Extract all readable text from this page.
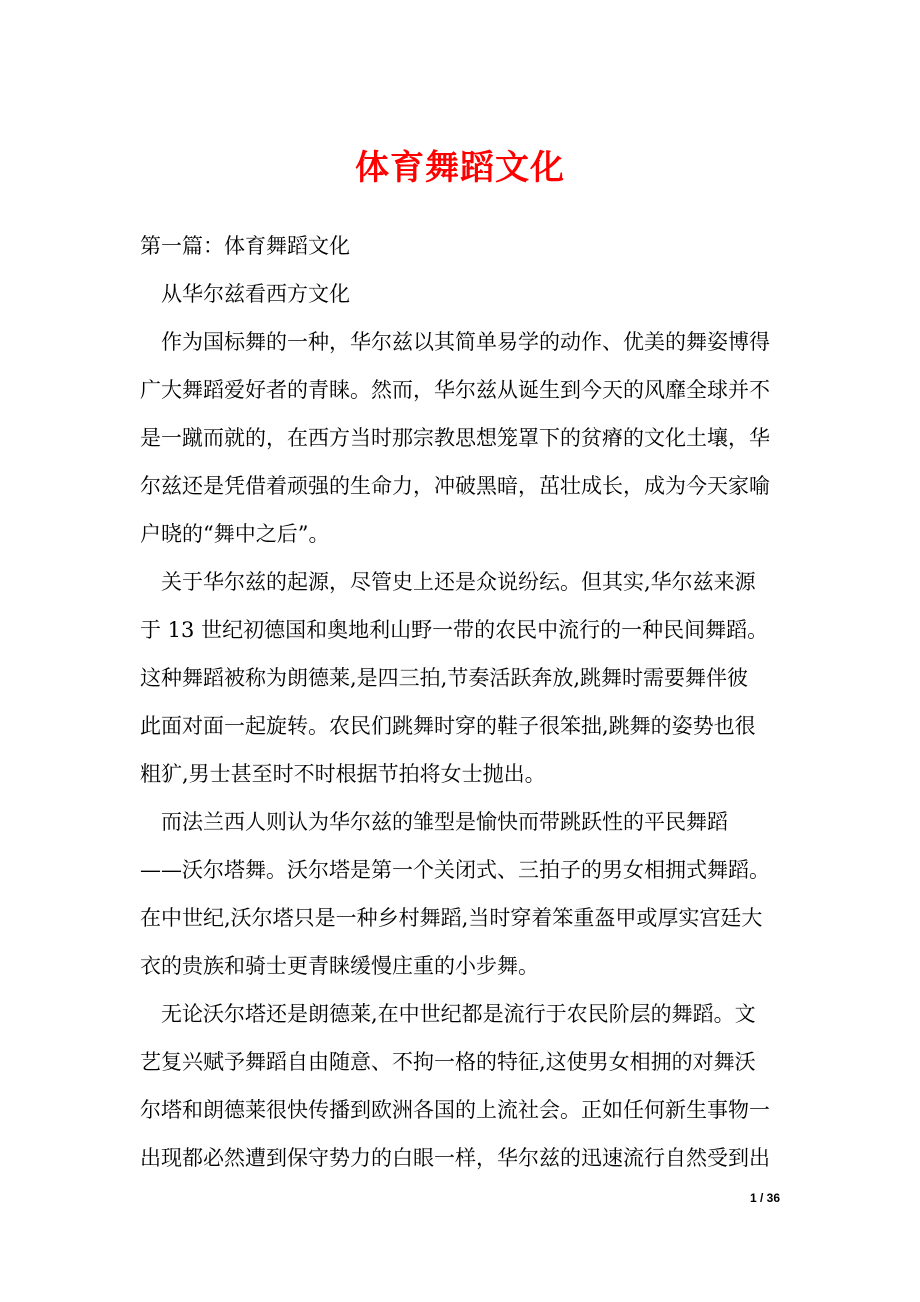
体育舞蹈文化
第一篇：体育舞蹈文化
从华尔兹看西方文化
作为国标舞的一种，华尔兹以其简单易学的动作、优美的舞姿博得
广大舞蹈爱好者的青睐。然而，华尔兹从诞生到今天的风靡全球并不
是一蹴而就的，在西方当时那宗教思想笼罩下的贫瘠的文化土壤，华
尔兹还是凭借着顽强的生命力，冲破黑暗，茁壮成长，成为今天家喻
户晓的“舞中之后”。
关于华尔兹的起源，尽管史上还是众说纷纭。但其实,华尔兹来源
于 13 世纪初德国和奥地利山野一带的农民中流行的一种民间舞蹈。
这种舞蹈被称为朗德莱,是四三拍,节奏活跃奔放,跳舞时需要舞伴彼
此面对面一起旋转。农民们跳舞时穿的鞋子很笨拙,跳舞的姿势也很
粗犷,男士甚至时不时根据节拍将女士抛出。
而法兰西人则认为华尔兹的雏型是愉快而带跳跃性的平民舞蹈
——沃尔塔舞。沃尔塔是第一个关闭式、三拍子的男女相拥式舞蹈。
在中世纪,沃尔塔只是一种乡村舞蹈,当时穿着笨重盔甲或厚实宫廷大
衣的贵族和骑士更青睐缓慢庄重的小步舞。
无论沃尔塔还是朗德莱,在中世纪都是流行于农民阶层的舞蹈。文
艺复兴赋予舞蹈自由随意、不拘一格的特征,这使男女相拥的对舞沃
尔塔和朗德莱很快传播到欧洲各国的上流社会。正如任何新生事物一
出现都必然遭到保守势力的白眼一样，华尔兹的迅速流行自然受到出
1 / 36
